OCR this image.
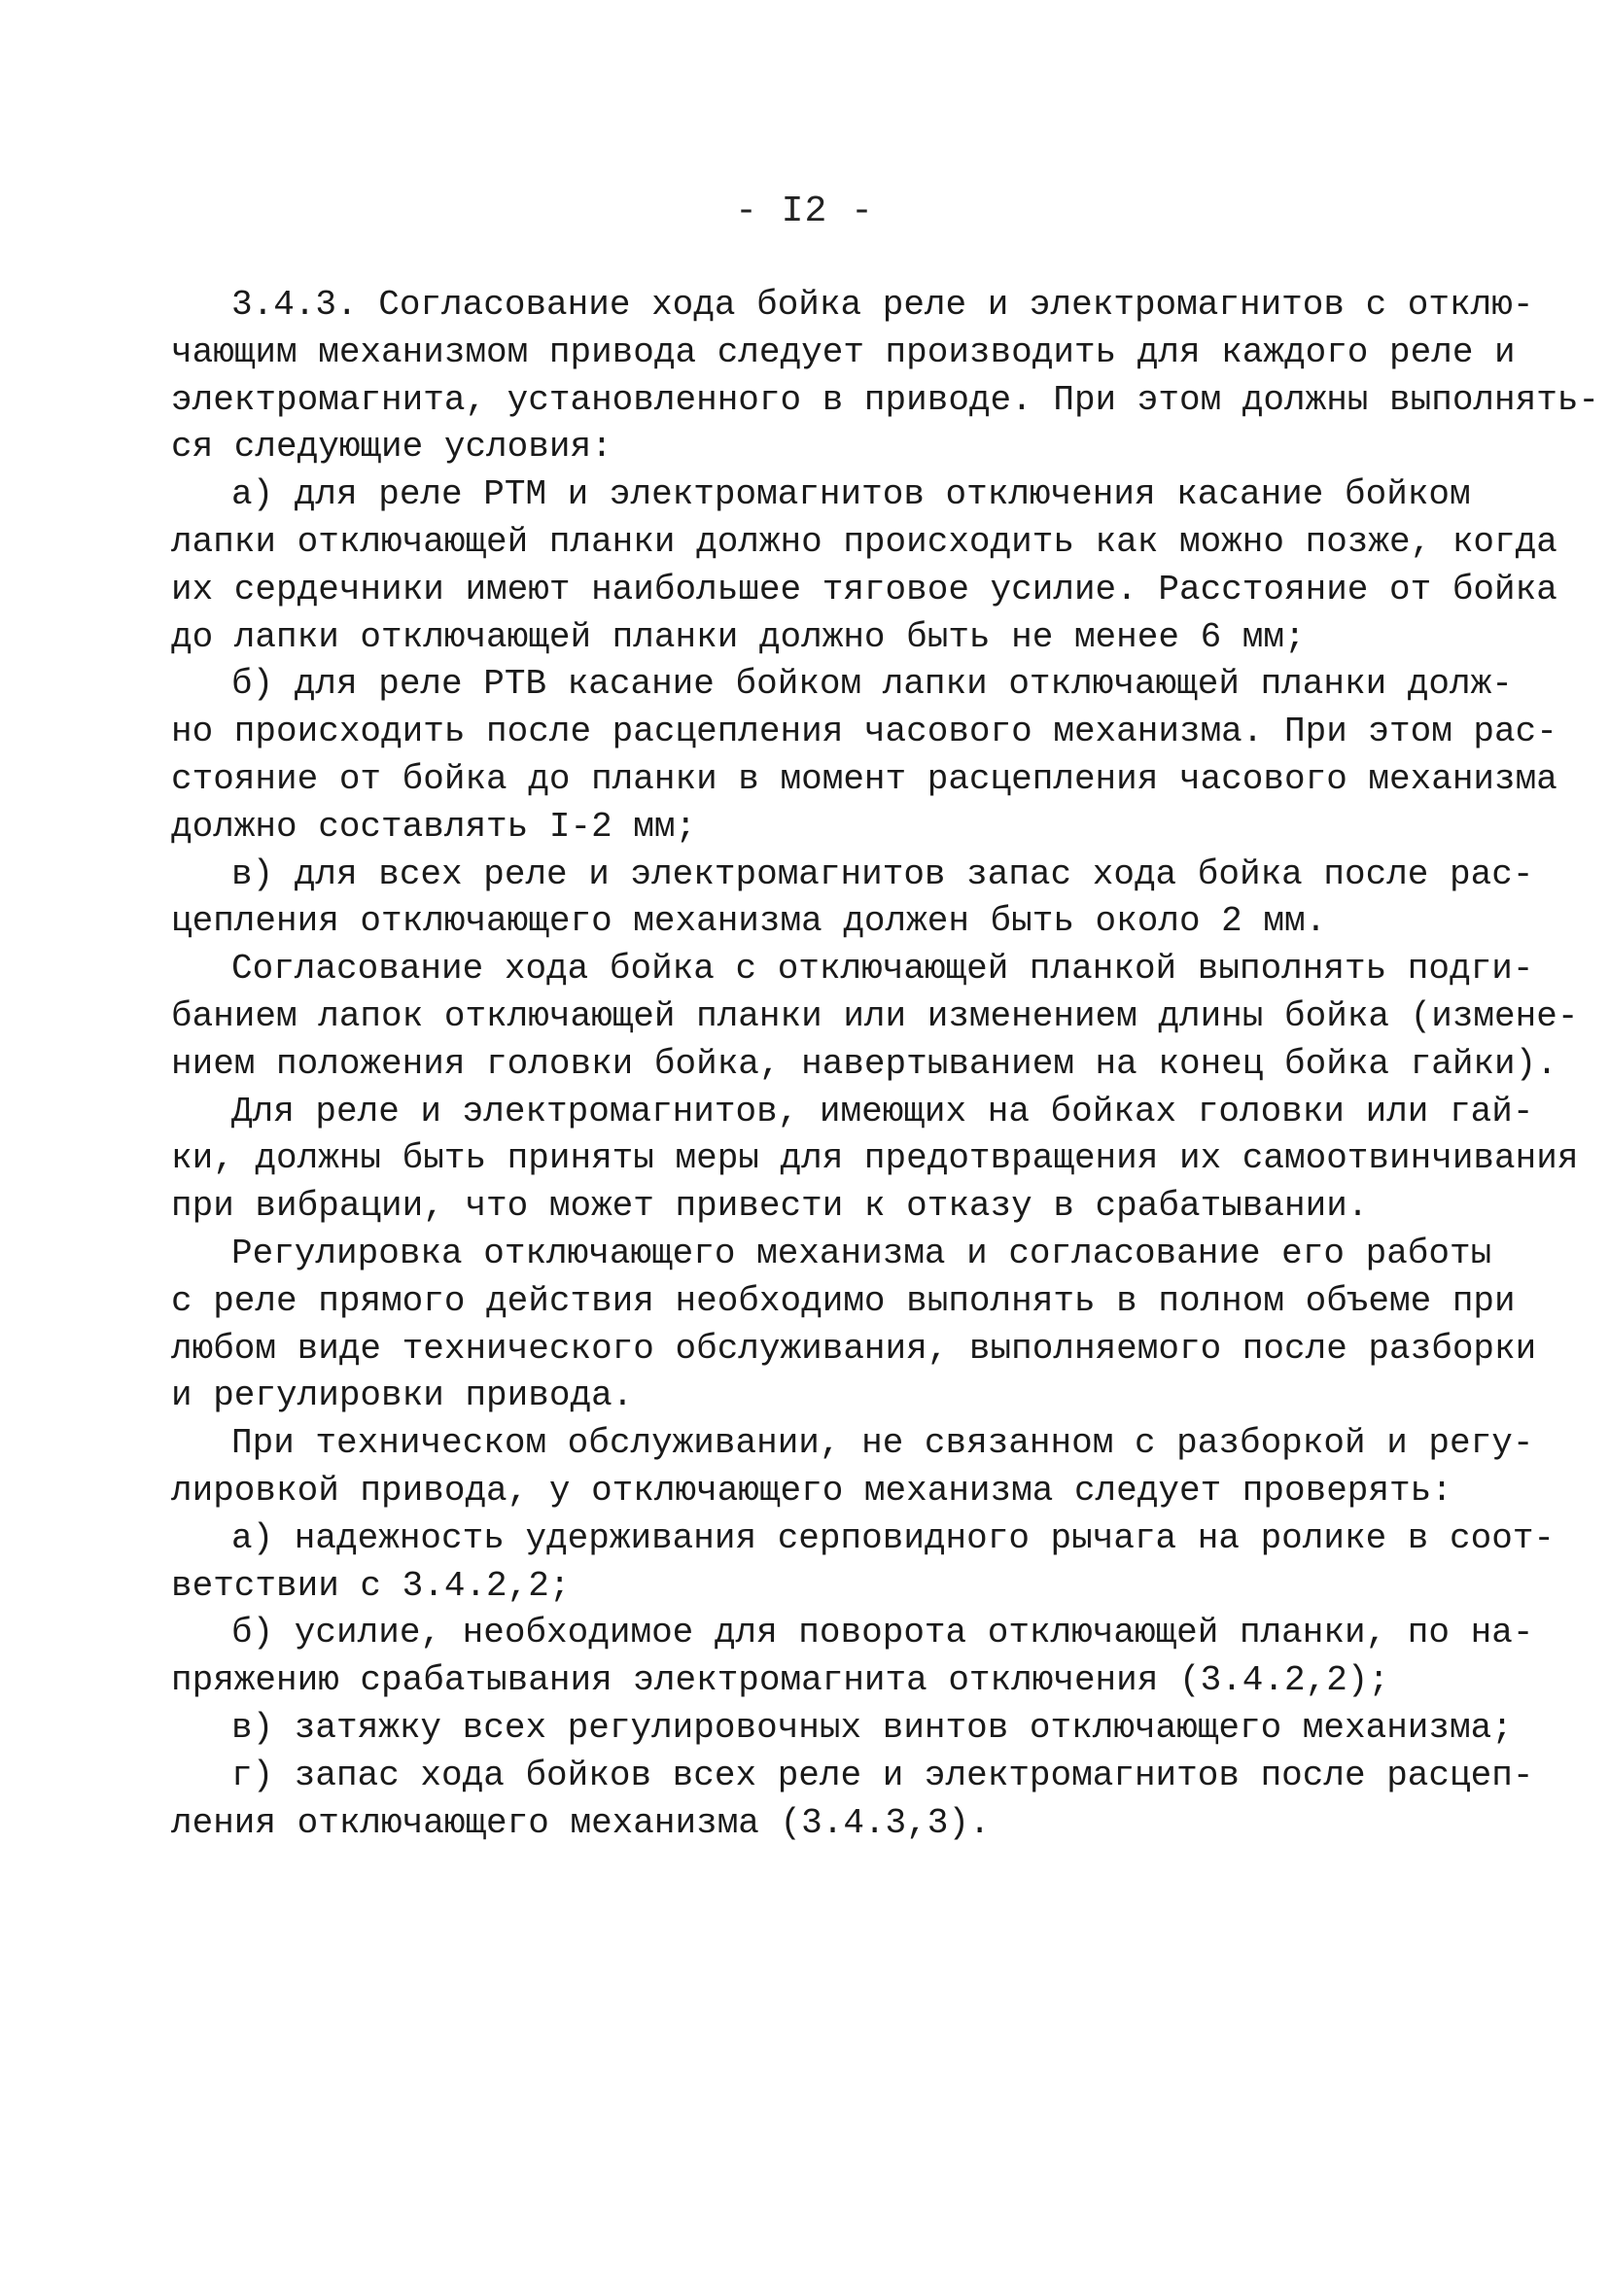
- I2 -
3.4.3. Согласование хода бойка реле и электромагнитов с отклю-
чающим механизмом привода следует производить для каждого реле и
электромагнита, установленного в приводе. При этом должны выполнять-
ся следующие условия:
а) для реле РТМ и электромагнитов отключения касание бойком
лапки отключающей планки должно происходить как можно позже, когда
их сердечники имеют наибольшее тяговое усилие. Расстояние от бойка
до лапки отключающей планки должно быть не менее 6 мм;
б) для реле РТВ касание бойком лапки отключающей планки долж-
но происходить после расцепления часового механизма. При этом рас-
стояние от бойка до планки в момент расцепления часового механизма
должно составлять I-2 мм;
в) для всех реле и электромагнитов запас хода бойка после рас-
цепления отключающего механизма должен быть около 2 мм.
Согласование хода бойка с отключающей планкой выполнять подги-
банием лапок отключающей планки или изменением длины бойка (измене-
нием положения головки бойка, навертыванием на конец бойка гайки).
Для реле и электромагнитов, имеющих на бойках головки или гай-
ки, должны быть приняты меры для предотвращения их самоотвинчивания
при вибрации, что может привести к отказу в срабатывании.
Регулировка отключающего механизма и согласование его работы
с реле прямого действия необходимо выполнять в полном объеме при
любом виде технического обслуживания, выполняемого после разборки
и регулировки привода.
При техническом обслуживании, не связанном с разборкой и регу-
лировкой привода, у отключающего механизма следует проверять:
а) надежность удерживания серповидного рычага на ролике в соот-
ветствии с 3.4.2,2;
б) усилие, необходимое для поворота отключающей планки, по на-
пряжению срабатывания электромагнита отключения (3.4.2,2);
в) затяжку всех регулировочных винтов отключающего механизма;
г) запас хода бойков всех реле и электромагнитов после расцеп-
ления отключающего механизма (3.4.3,3).
